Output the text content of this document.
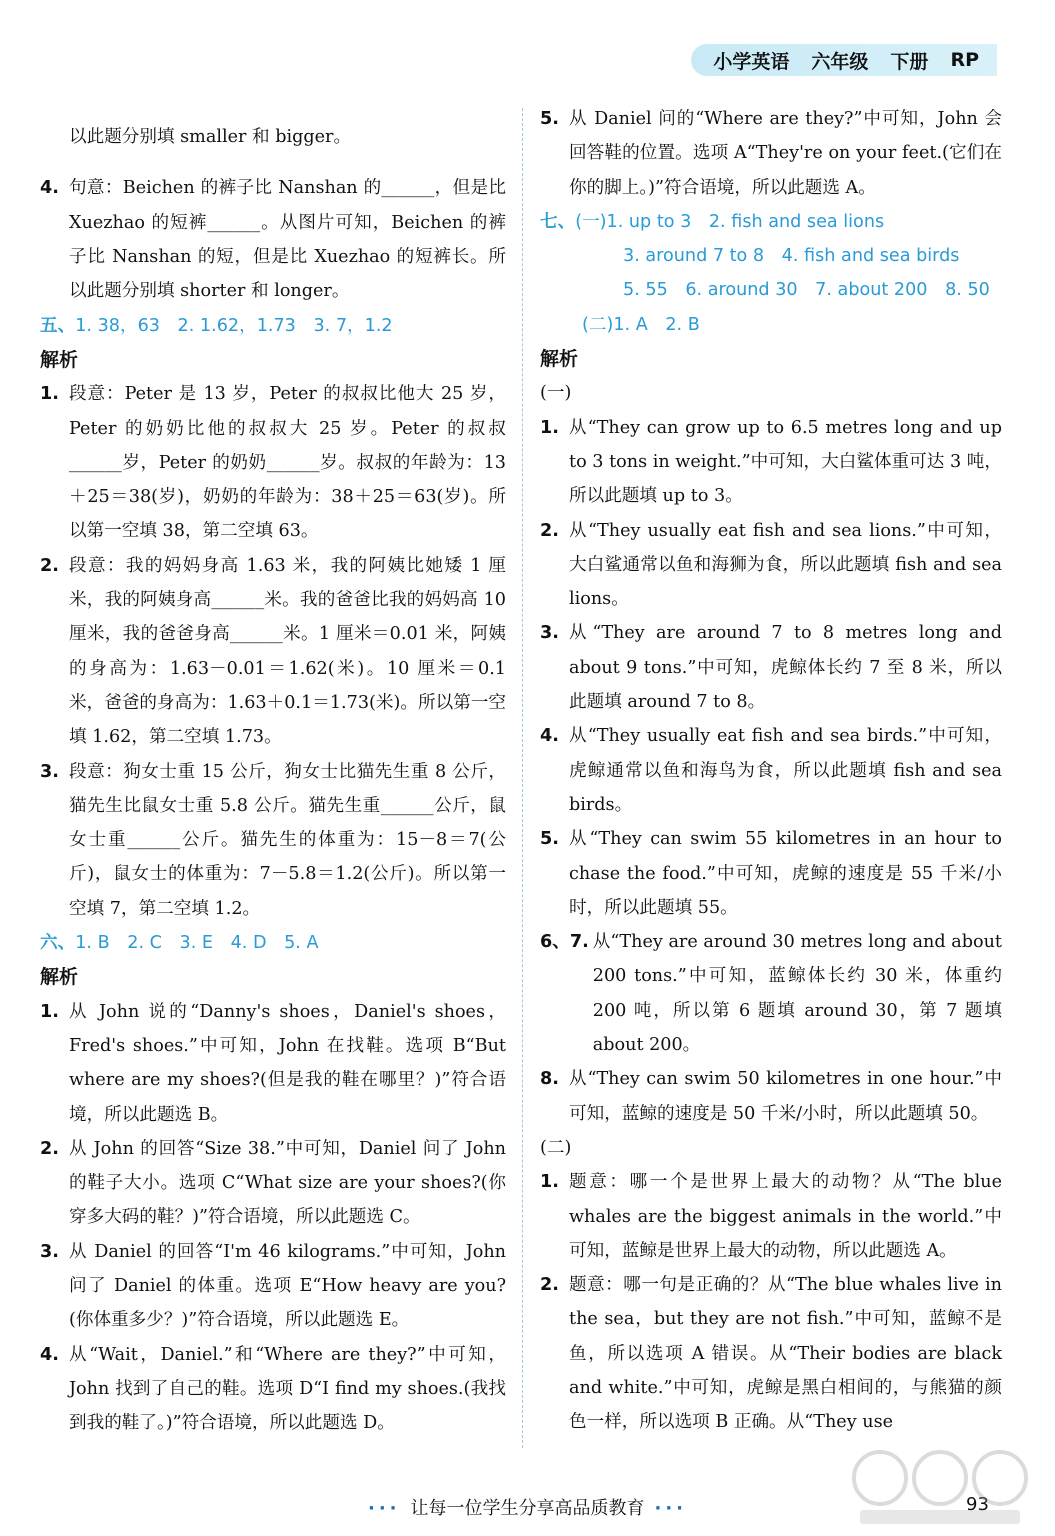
小学英语 六年级 下册 RP

以此题分别填 smaller 和 bigger。

4. 句意：Beichen 的裤子比 Nanshan 的______，但是比 Xuezhao 的短裤______。从图片可知，Beichen 的裤子比 Nanshan 的短，但是比 Xuezhao 的短裤长。所以此题分别填 shorter 和 longer。
五、1. 38，63　2. 1.62，1.73　3. 7，1.2
解析
1. 段意：Peter 是 13 岁，Peter 的叔叔比他大 25 岁，Peter 的奶奶比他的叔叔大 25 岁。Peter 的叔叔______岁，Peter 的奶奶______岁。叔叔的年龄为：13＋25＝38(岁)，奶奶的年龄为：38＋25＝63(岁)。所以第一空填 38，第二空填 63。
2. 段意：我的妈妈身高 1.63 米，我的阿姨比她矮 1 厘米，我的阿姨身高______米。我的爸爸比我的妈妈高 10 厘米，我的爸爸身高______米。1 厘米＝0.01 米，阿姨的身高为：1.63－0.01＝1.62(米)。10 厘米＝0.1 米，爸爸的身高为：1.63＋0.1＝1.73(米)。所以第一空填 1.62，第二空填 1.73。
3. 段意：狗女士重 15 公斤，狗女士比猫先生重 8 公斤，猫先生比鼠女士重 5.8 公斤。猫先生重______公斤，鼠女士重______公斤。猫先生的体重为：15－8＝7(公斤)，鼠女士的体重为：7－5.8＝1.2(公斤)。所以第一空填 7，第二空填 1.2。
六、1. B　2. C　3. E　4. D　5. A
解析
1. 从 John 说的“Danny's shoes，Daniel's shoes，Fred's shoes.”中可知，John 在找鞋。选项 B“But where are my shoes?(但是我的鞋在哪里？)”符合语境，所以此题选 B。
2. 从 John 的回答“Size 38.”中可知，Daniel 问了 John 的鞋子大小。选项 C“What size are your shoes?(你穿多大码的鞋？)”符合语境，所以此题选 C。
3. 从 Daniel 的回答“I'm 46 kilograms.”中可知，John 问了 Daniel 的体重。选项 E“How heavy are you?(你体重多少？)”符合语境，所以此题选 E。
4. 从“Wait，Daniel.”和“Where are they?”中可知，John 找到了自己的鞋。选项 D“I find my shoes.(我找到我的鞋了。)”符合语境，所以此题选 D。
5. 从 Daniel 问的“Where are they?”中可知，John 会回答鞋的位置。选项 A“They're on your feet.(它们在你的脚上。)”符合语境，所以此题选 A。
七、(一)1. up to 3　2. fish and sea lions
3. around 7 to 8　4. fish and sea birds
5. 55　6. around 30　7. about 200　8. 50
(二)1. A　2. B
解析
(一)
1. 从“They can grow up to 6.5 metres long and up to 3 tons in weight.”中可知，大白鲨体重可达 3 吨，所以此题填 up to 3。
2. 从“They usually eat fish and sea lions.”中可知，大白鲨通常以鱼和海狮为食，所以此题填 fish and sea lions。
3. 从“They are around 7 to 8 metres long and about 9 tons.”中可知，虎鲸体长约 7 至 8 米，所以此题填 around 7 to 8。
4. 从“They usually eat fish and sea birds.”中可知，虎鲸通常以鱼和海鸟为食，所以此题填 fish and sea birds。
5. 从“They can swim 55 kilometres in an hour to chase the food.”中可知，虎鲸的速度是 55 千米/小时，所以此题填 55。
6、7. 从“They are around 30 metres long and about 200 tons.”中可知，蓝鲸体长约 30 米，体重约 200 吨，所以第 6 题填 around 30，第 7 题填 about 200。
8. 从“They can swim 50 kilometres in one hour.”中可知，蓝鲸的速度是 50 千米/小时，所以此题填 50。
(二)
1. 题意：哪一个是世界上最大的动物？从“The blue whales are the biggest animals in the world.”中可知，蓝鲸是世界上最大的动物，所以此题选 A。
2. 题意：哪一句是正确的？从“The blue whales live in the sea，but they are not fish.”中可知，蓝鲸不是鱼，所以选项 A 错误。从“Their bodies are black and white.”中可知，虎鲸是黑白相间的，与熊猫的颜色一样，所以选项 B 正确。从“They use
··· 让每一位学生分享高品质教育 ···	93
